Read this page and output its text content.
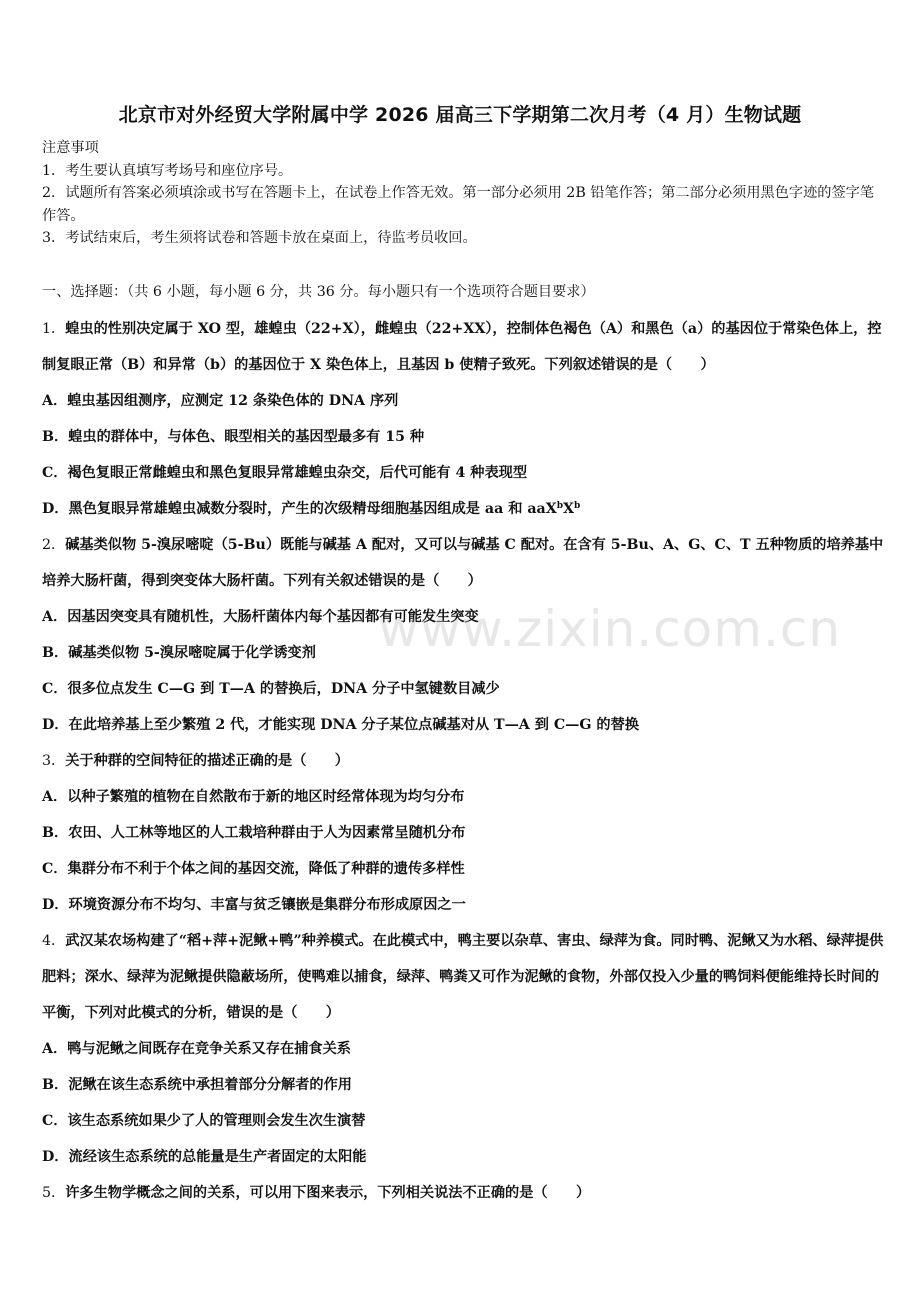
北京市对外经贸大学附属中学 2026 届高三下学期第二次月考（4 月）生物试题
注意事项
1．考生要认真填写考场号和座位序号。
2．试题所有答案必须填涂或书写在答题卡上，在试卷上作答无效。第一部分必须用 2B 铅笔作答；第二部分必须用黑色字迹的签字笔作答。
3．考试结束后，考生须将试卷和答题卡放在桌面上，待监考员收回。
一、选择题：（共 6 小题，每小题 6 分，共 36 分。每小题只有一个选项符合题目要求）

1．蝗虫的性别决定属于 XO 型，雄蝗虫（22+X），雌蝗虫（22+XX），控制体色褐色（A）和黑色（a）的基因位于常染色体上，控制复眼正常（B）和异常（b）的基因位于 X 染色体上，且基因 b 使精子致死。下列叙述错误的是（　　）

A．蝗虫基因组测序，应测定 12 条染色体的 DNA 序列

B．蝗虫的群体中，与体色、眼型相关的基因型最多有 15 种

C．褐色复眼正常雌蝗虫和黑色复眼异常雄蝗虫杂交，后代可能有 4 种表现型

D．黑色复眼异常雄蝗虫减数分裂时，产生的次级精母细胞基因组成是 aa 和 $aaX^bX^b$

2．碱基类似物 5-溴尿嘧啶（5-Bu）既能与碱基 A 配对，又可以与碱基 C 配对。在含有 5-Bu、A、G、C、T 五种物质的培养基中培养大肠杆菌，得到突变体大肠杆菌。下列有关叙述错误的是（　　）

A．因基因突变具有随机性，大肠杆菌体内每个基因都有可能发生突变

B．碱基类似物 5-溴尿嘧啶属于化学诱变剂

C．很多位点发生 C—G 到 T—A 的替换后，DNA 分子中氢键数目减少

D．在此培养基上至少繁殖 2 代，才能实现 DNA 分子某位点碱基对从 T—A 到 C—G 的替换

3．关于种群的空间特征的描述正确的是（　　）

A．以种子繁殖的植物在自然散布于新的地区时经常体现为均匀分布

B．农田、人工林等地区的人工栽培种群由于人为因素常呈随机分布

C．集群分布不利于个体之间的基因交流，降低了种群的遗传多样性

D．环境资源分布不均匀、丰富与贫乏镶嵌是集群分布形成原因之一

4．武汉某农场构建了“稻+萍+泥鳅+鸭”种养模式。在此模式中，鸭主要以杂草、害虫、绿萍为食。同时鸭、泥鳅又为水稻、绿萍提供肥料；深水、绿萍为泥鳅提供隐蔽场所，使鸭难以捕食，绿萍、鸭粪又可作为泥鳅的食物，外部仅投入少量的鸭饲料便能维持长时间的平衡，下列对此模式的分析，错误的是（　　）

A．鸭与泥鳅之间既存在竞争关系又存在捕食关系

B．泥鳅在该生态系统中承担着部分分解者的作用

C．该生态系统如果少了人的管理则会发生次生演替

D．流经该生态系统的总能量是生产者固定的太阳能

5．许多生物学概念之间的关系，可以用下图来表示，下列相关说法不正确的是（　　）

www.zixin.com.cn
